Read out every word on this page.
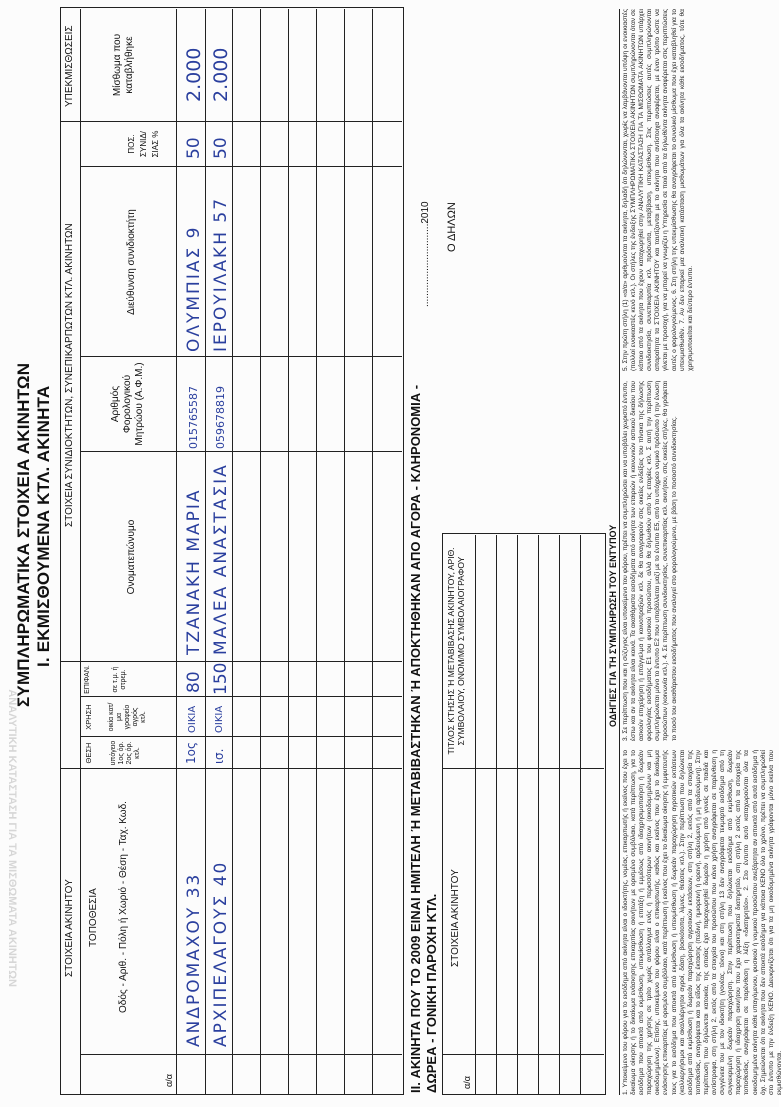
ΑΝΑΛΥΤΙΚΗ ΚΑΤΑΣΤΑΣΗ ΓΙΑ ΤΑ ΜΙΣΘΩΜΑΤΑ ΑΚΙΝΗΤΩΝ
ΣΥΜΠΛΗΡΩΜΑΤΙΚΑ ΣΤΟΙΧΕΙΑ ΑΚΙΝΗΤΩΝ I. ΕΚΜΙΣΘΟΥΜΕΝΑ ΚΤΛ. ΑΚΙΝΗΤΑ
ΣΤΟΙΧΕΙΑ ΑΚΙΝΗΤΟΥ
ΣΤΟΙΧΕΙΑ ΣΥΝΙΔΙΟΚΤΗΤΩΝ, ΣΥΝΕΠΙΚΑΡΠΩΤΩΝ ΚΤΛ. ΑΚΙΝΗΤΩΝ
ΥΠΕΚΜΙΣΘΩΣΕΙΣ
α/α
ΤΟΠΟΘΕΣΙΑ Οδός - Αριθ. - Πόλη ή Χωριό - Θέση - Ταχ. Κωδ.
ΘΕΣΗ υπόγειο 1ος όρ. 2ος όρ. κτλ.
ΧΡΗΣΗ οικία κατ/μα γραφείο αγρός κτλ.
ΕΠΙΦΑΝ.	σε τ.μ. ή στρεμ.
Ονοματεπώνυμο
Αριθμός Φορολογικού Μητρώου (Α.Φ.Μ.)
Διεύθυνση συνιδιοκτήτη
ΠΟΣ. ΣΥΝΙΔ/ΣΙΑΣ %
Μίσθωμα που καταβλήθηκε
ΑΝΔΡΟΜΑΧΟΥ 33
1ος
ΟΙΚΙΑ
80
ΤΖΑΝΑΚΗ ΜΑΡΙΑ
015765587
ΟΛΥΜΠΙΑΣ 9
50
2.000
ΑΡΧΙΠΕΛΑΓΟΥΣ 40
ισ.
ΟΙΚΙΑ
150
ΜΑΛΕΑ ΑΝΑΣΤΑΣΙΑ
059678819
ΙΕΡΟΥΙΛΑΚΗ 57
50
2.000
II. ΑΚΙΝΗΤΑ ΠΟΥ ΤΟ 2009 ΕΙΝΑΙ ΗΜΙΤΕΛΗ Ή ΜΕΤΑΒΙΒΑΣΤΗΚΑΝ Ή ΑΠΟΚΤΗΘΗΚΑΝ ΑΠΟ ΑΓΟΡΑ - ΚΛΗΡΟΝΟΜΙΑ - ΔΩΡΕΑ - ΓΟΝΙΚΗ ΠΑΡΟΧΗ ΚΤΛ.	α/α
ΣΤΟΙΧΕΙΑ ΑΚΙΝΗΤΟΥ
ΤΙΤΛΟΣ ΚΤΗΣΗΣ Ή ΜΕΤΑΒΙΒΑΣΗΣ ΑΚΙΝΗΤΟΥ, ΑΡΙΘ. ΣΥΜΒΟΛΑΙΟΥ, ΟΝΟΜ/ΜΟ ΣΥΜΒΟΛΑΙΟΓΡΑΦΟΥ
..............................2010 Ο ΔΗΛΩΝ
ΟΔΗΓΙΕΣ ΓΙΑ ΤΗ ΣΥΜΠΛΗΡΩΣΗ ΤΟΥ ΕΝΤΥΠΟΥ
1. Υποκείμενο του φόρου για το εισόδημα από ακίνητα είναι ο ιδιοκτήτης, νομέας, επικαρπωτής ή εκείνος που έχει το δικαίωμα οίκησης ή το δικαίωμα ενάσκησης επικαρπίας ακινήτων με ορισμένο συμβόλαιο, κατά περίπτωση, για το εισόδημα που αποκτά από εκμίσθωση, υπεκμίσθωση ή επιτάξη ή εμμέσως από ιδιοχρησιμοποίηση ή δωρεάν παραχώρηση της χρήσης σε τρίτο χωρίς αντάλλαγμα ενός ή περισσότερων ακινήτων (οικοδομημένων και μη οικοδομημένων). Επίσης, υποκείμενο του φόρου είναι ο επικαρπωτής, καθώς και εκείνος που έχει το δικαίωμα ενάσκησης επικαρπίας με ορισμένο συμβόλαιο, κατά περίπτωση ή εκείνος που έχει το δικαίωμα οίκησης ή εμφυτευτής τους για το εισόδημα που αποκτά από εκμίσθωση ή υπεκμίσθωση ή δωρεάν παραχώρηση αγροτικών εκτάσεων (καλλιεργήσιμοι και ακαλλιέργητοι αγροί, δάση, βοσκότοπα, λίμνες, θεάσεις κτλ.). Στην περίπτωση που δηλώνεται εισόδημα από εκμίσθωση ή δωρεάν παραχώρηση αγροτικών εκτάσεων, στη στήλη 2, εκτός από τα στοιχεία της τοποθεσίας, αναγράφεται και το είδος της έκτασης (πεδινή, ημιορεινή ή ορεινή, αρδευόμενη ή μη αρδευόμενη). Στην περίπτωση που δηλώνεται κατοικία, της οποίας έχει παραχωρηθεί δωρεάν η χρήση από γονείς σε παιδιά και αντίστροφα, στη στήλη 2, εκτός από τα στοιχεία του προσώπου που κάνει χρήση αναγράφεται σε παρένθεση η συγγένεια του με τον ιδιοκτήτη (γονέας, τέκνο) και στη στήλη 13 δεν αναγράφεται τεκμαρτό εισόδημα από τη συγκεκριμένη δωρεάν παραχώρηση. Στην περίπτωση που δηλώνεται εισόδημα από εκμίσθωση, δωρεάν παραχώρηση ή ιδιοχρηση ακινήτου που έχει χαρακτηριστεί διατηρητέο, στη στήλη 2 εκτός από τα στοιχεία της τοποθεσίας, αναγράφεται σε παρένθεση η λέξη «διατηρητέο». 2. Στο έντυπο αυτό καταχωρούνται όλα τα οικοδομημένα ακίνητα κάθε υπαγόμενου, φυσικού ή νομικού προσώπου ανεξάρτητα αν αποκτά από αυτά εισόδημα ή όχι. Σημειώνεται ότι τα ακίνητα που δεν αποκτά εισόδημα για κάποια ΚΕΝΟ όλο το χρόνο, πρέπει να συμπληρώθεί στο έντυπο με την ένδειξη ΚΕΝΟ. Διευκρινίζεται ότι για τα μη οικοδομημένα ακίνητα γράφονται μόνο εκείνα που εκμισθώνονται.
3. Σε περίπτωση που και η σύζυγος είναι υποκείμενο του φόρου, πρέπει να συμπληρώσει και να υποβάλει χωριστό έντυπο, έστω και αν τα ακίνητα είναι κοινά. Τα ακαθάριστα εισοδήματα από ακίνητα των εταιριών ή κοινωνιών αστικού δικαίου που ασκούν επιχείρηση ή επάγγελμα ή κοινοπραξιών κτλ. δε θα αναγραφούν στις οικείες ενδείξεις του πίνακα της δήλωσης φορολογίας εισοδήματος Ε1 του φυσικού προσώπου, αλλά θα δηλωθούν από τις εταιρίες κτλ. Σ αυτή την περίπτωση συμπληρώνεται μόνο το έντυπο Ε2 που υποβάλλεται μαζί με το έντυπο Ε5, από το υπόχρεο νομικό πρόσωπο ή την ένωση προσώπων (κοινωνία κτλ.). 4. Σε περίπτωση συνιδιοκτησίας, συνεπικαρπίας κτλ. ακινήτου, στις οικείες στήλες, θα γράφεται το ποσό του ακαθάριστου εισοδήματος που αναλογεί στο φορολογούμενο, με βάση το ποσοστό συνιδιοκτησίας.
5. Στην πρώτη στήλη (1) «α/α» αριθμούνται τα ακίνητα, δηλαδή ότι δηλώνονται, χωρίς να λαμβάνονται υπόψη οι ενοικιαστές (πολλοί ενοικιαστές κενό κτλ.). Οι στήλες της ένδειξης ΣΥΜΠΛΗΡΩΜΑΤΙΚΑ ΣΤΟΙΧΕΙΑ ΑΚΙΝΗΤΩΝ συμπληρώνονται όταν σε κάποιο από τα ακίνητα που έχουν καταχωρηθεί στην ΑΝΑΛΥΤΙΚΗ ΚΑΤΑΣΤΑΣΗ ΓΙΑ ΤΑ ΜΙΣΘΩΜΑΤΑ ΑΚΙΝΗΤΩΝ υπάρχει συνιδιοκτησία, συνεπικαρπία κτλ. πρόσωπα, μεταβίβαση, υπεκμίσθωση. Στις περιπτώσεις αυτές συμπληρώνονται απαραίτητα τα ΣΤΟΙΧΕΙΑ ΑΚΙΝΗΤΟΥ και ταυτίζονται με το ακίνητο που αντίστοιχα αναφέρεται, με έναν τρόπο ώστε να γίνεται με προσοχή, για να μπορεί να γνωρίζει η Υπηρεσία σε ποιό από τα δηλωθέντα ακίνητα αναφέρεται στις περιπτώσεις αυτές ο φορολογούμενος. 6. Στη στήλη της υπεκμίσθωσης θα αναγράφεται το συνολικό μίσθωμα που έχει καταβληθεί για το υπεκμισθωθέν. 7. Αν δεν επαρκεί μια αναλυτική κατάσταση μισθωμάτων για όλα τα ακίνητα κάθε εισοδήματος, τότε θα χρησιμοποιείται και δεύτερο έντυπο.
